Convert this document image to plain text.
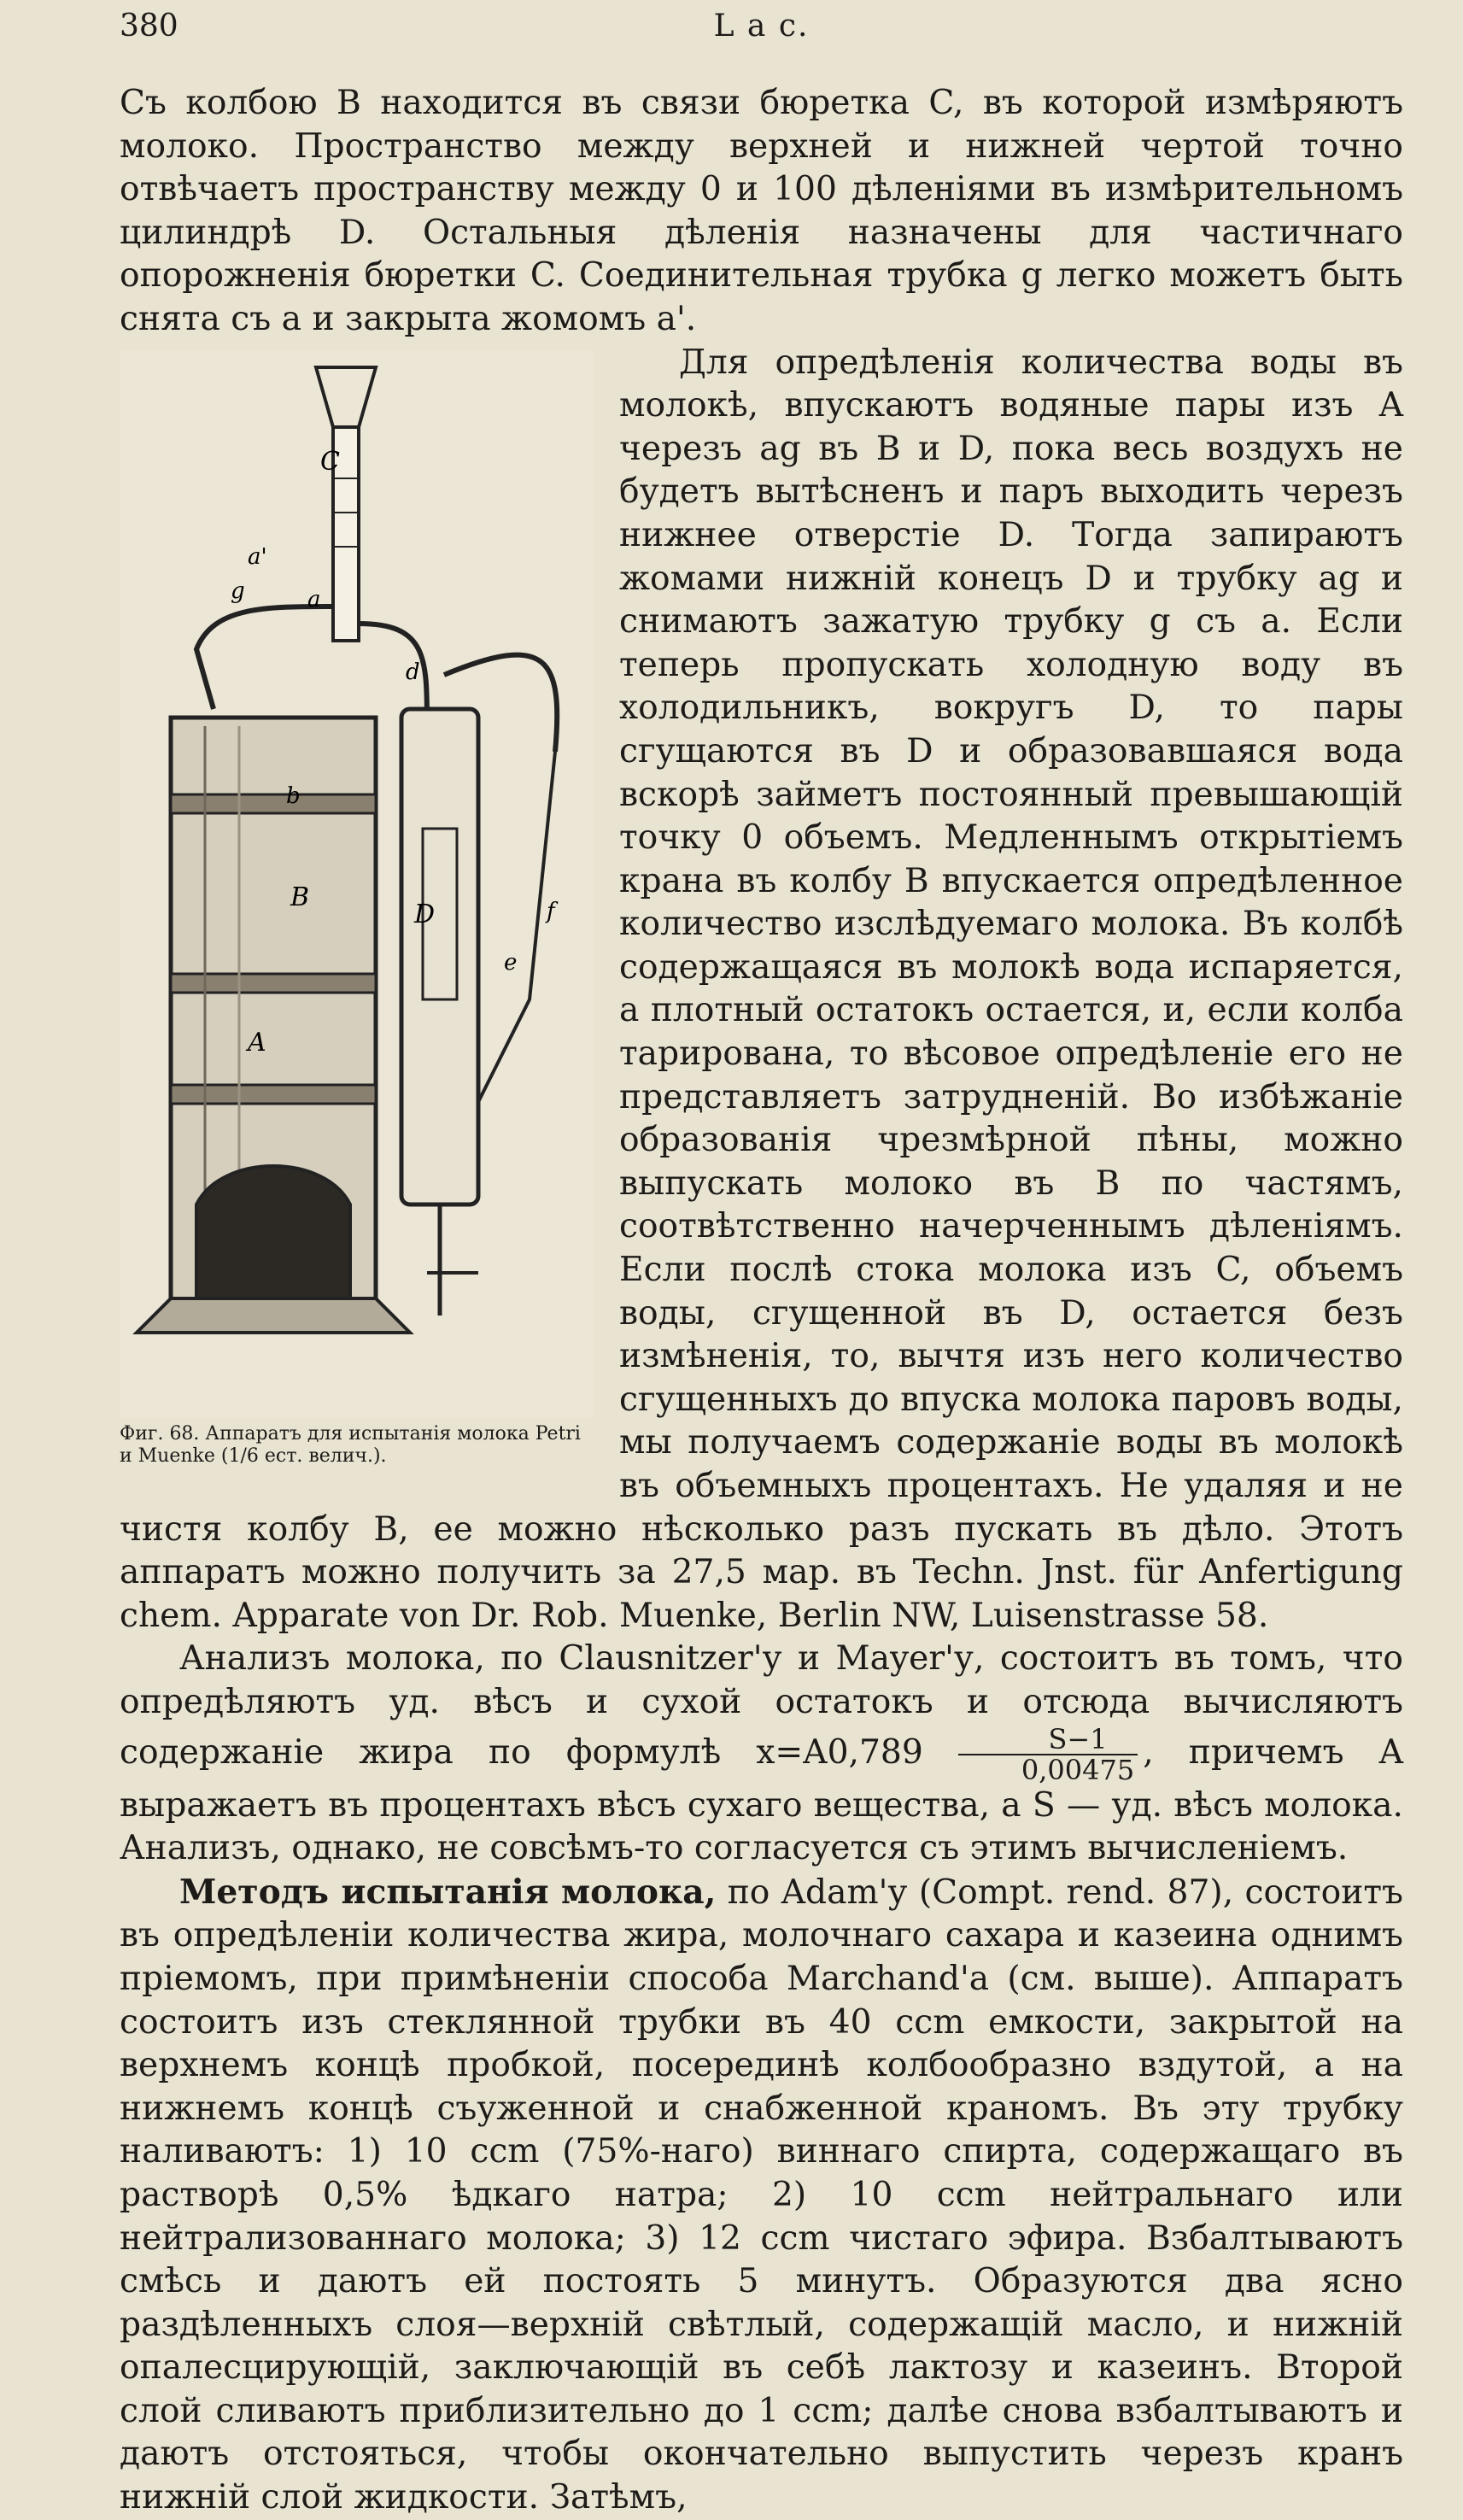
380	L a c.

Съ колбою B находится въ связи бюретка C, въ которой измѣряютъ молоко. Пространство между верхней и нижней чертой точно отвѣчаетъ пространству между 0 и 100 дѣленіями въ измѣрительномъ цилиндрѣ D. Остальныя дѣленія назначены для частичнаго опорожненія бюретки C. Соединительная трубка g легко можетъ быть снята съ a и закрыта жомомъ a'.

C
a'
g	a
d
B
D
A
e
f
b
Фиг. 68. Аппаратъ для испытанія молока Petri и Muenke (1/6 ест. велич.).
Для опредѣленія количества воды въ молокѣ, впускаютъ водяные пары изъ A черезъ ag въ B и D, пока весь воздухъ не будетъ вытѣсненъ и паръ выходить черезъ нижнее отверстіе D. Тогда запираютъ жомами нижній конецъ D и трубку ag и снимаютъ зажатую трубку g съ a. Если теперь пропускать холодную воду въ холодильникъ, вокругъ D, то пары сгущаются въ D и образовавшаяся вода вскорѣ займетъ постоянный превышающій точку 0 объемъ. Медленнымъ открытіемъ крана въ колбу B впускается опредѣленное количество изслѣдуемаго молока. Въ колбѣ содержащаяся въ молокѣ вода испаряется, а плотный остатокъ остается, и, если колба тарирована, то вѣсовое опредѣленіе его не представляетъ затрудненій. Во избѣжаніе образованія чрезмѣрной пѣны, можно выпускать молоко въ B по частямъ, соотвѣтственно начерченнымъ дѣленіямъ. Если послѣ стока молока изъ C, объемъ воды, сгущенной въ D, остается безъ измѣненія, то, вычтя изъ него количество сгущенныхъ до впуска молока паровъ воды, мы получаемъ содержаніе воды въ молокѣ въ объемныхъ процентахъ. Не удаляя и не чистя колбу B, ее можно нѣсколько разъ пускать въ дѣло. Этотъ аппаратъ можно получить за 27,5 мар. въ Techn. Jnst. für Anfertigung chem. Apparate von Dr. Rob. Muenke, Berlin NW, Luisenstrasse 58.

Анализъ молока, по Clausnitzer'у и Mayer'у, состоитъ въ томъ, что опредѣляютъ уд. вѣсъ и сухой остатокъ и отсюда вычисляютъ содержаніе жира по формулѣ $x=A0,789 \frac{S-1}{0,00475}$ , причемъ A выражаетъ въ процентахъ вѣсъ сухаго вещества, а S — уд. вѣсъ молока. Анализъ, однако, не совсѣмъ-то согласуется съ этимъ вычисленіемъ.

Методъ испытанія молока, по Adam'у (Compt. rend. 87), состоитъ въ опредѣленіи количества жира, молочнаго сахара и казеина однимъ пріемомъ, при примѣненіи способа Marchand'а (см. выше). Аппаратъ состоитъ изъ стеклянной трубки въ 40 ccm емкости, закрытой на верхнемъ концѣ пробкой, посерединѣ колбообразно вздутой, а на нижнемъ концѣ съуженной и снабженной краномъ. Въ эту трубку наливаютъ: 1) 10 ccm (75%-наго) виннаго спирта, содержащаго въ растворѣ 0,5% ѣдкаго натра; 2) 10 ccm нейтральнаго или нейтрализованнаго молока; 3) 12 ccm чистаго эфира. Взбалтываютъ смѣсь и даютъ ей постоять 5 минутъ. Образуются два ясно раздѣленныхъ слоя—верхній свѣтлый, содержащій масло, и нижній опалесцирующій, заключающій въ себѣ лактозу и казеинъ. Второй слой сливаютъ приблизительно до 1 ccm; далѣе снова взбалтываютъ и даютъ отстояться, чтобы окончательно выпустить черезъ кранъ нижній слой жидкости. Затѣмъ,
